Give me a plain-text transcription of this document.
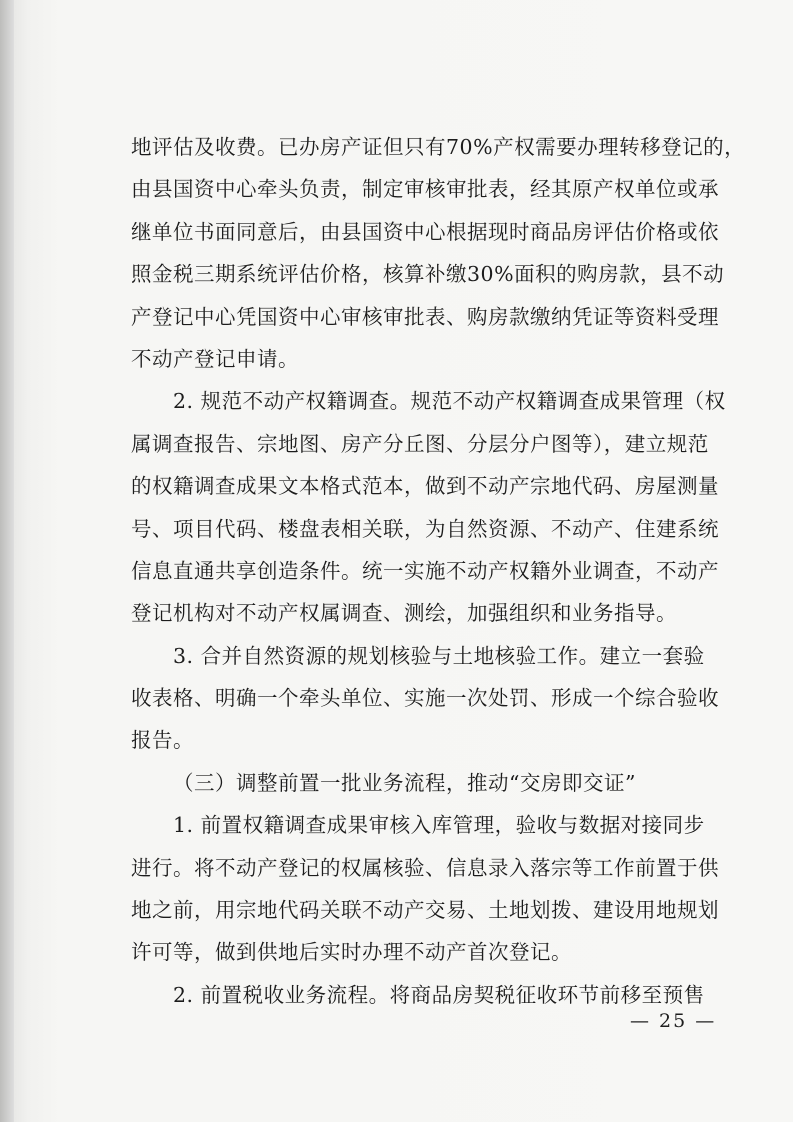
地评估及收费。已办房产证但只有70%产权需要办理转移登记的，
由县国资中心牵头负责，制定审核审批表，经其原产权单位或承
继单位书面同意后，由县国资中心根据现时商品房评估价格或依
照金税三期系统评估价格，核算补缴30%面积的购房款，县不动
产登记中心凭国资中心审核审批表、购房款缴纳凭证等资料受理
不动产登记申请。
2. 规范不动产权籍调查。规范不动产权籍调查成果管理（权
属调查报告、宗地图、房产分丘图、分层分户图等），建立规范
的权籍调查成果文本格式范本，做到不动产宗地代码、房屋测量
号、项目代码、楼盘表相关联，为自然资源、不动产、住建系统
信息直通共享创造条件。统一实施不动产权籍外业调查，不动产
登记机构对不动产权属调查、测绘，加强组织和业务指导。
3. 合并自然资源的规划核验与土地核验工作。建立一套验
收表格、明确一个牵头单位、实施一次处罚、形成一个综合验收
报告。
（三）调整前置一批业务流程，推动“交房即交证”
1. 前置权籍调查成果审核入库管理，验收与数据对接同步
进行。将不动产登记的权属核验、信息录入落宗等工作前置于供
地之前，用宗地代码关联不动产交易、土地划拨、建设用地规划
许可等，做到供地后实时办理不动产首次登记。
2. 前置税收业务流程。将商品房契税征收环节前移至预售
— 25 —
